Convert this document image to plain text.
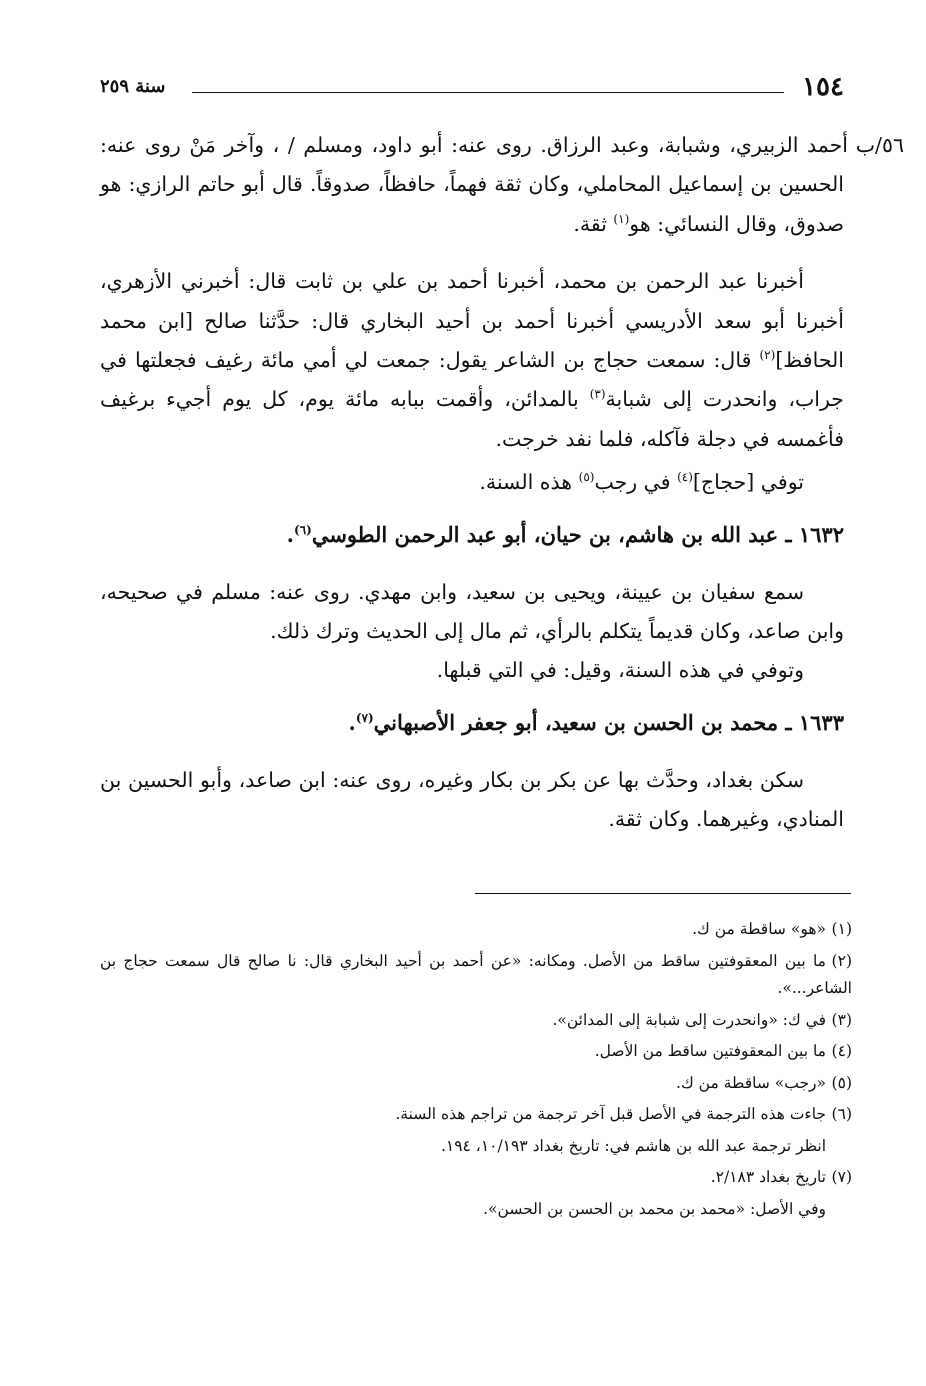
١٥٤
سنة ٢٥٩

٥٦/بأحمد الزبيري، وشبابة، وعبد الرزاق. روى عنه: أبو داود، ومسلم / ، وآخر مَنْ روى عنه: الحسين بن إسماعيل المحاملي، وكان ثقة فهماً، حافظاً، صدوقاً. قال أبو حاتم الرازي: هو صدوق، وقال النسائي: هو$^{(١)}$ ثقة.

أخبرنا عبد الرحمن بن محمد، أخبرنا أحمد بن علي بن ثابت قال: أخبرني الأزهري، أخبرنا أبو سعد الأدريسي أخبرنا أحمد بن أحيد البخاري قال: حدَّثنا صالح [ابن محمد الحافظ]$^{(٢)}$ قال: سمعت حجاج بن الشاعر يقول: جمعت لي أمي مائة رغيف فجعلتها في جراب، وانحدرت إلى شبابة$^{(٣)}$ بالمدائن، وأقمت ببابه مائة يوم، كل يوم أجيء برغيف فأغمسه في دجلة فآكله، فلما نفد خرجت.

توفي [حجاج]$^{(٤)}$ في رجب$^{(٥)}$ هذه السنة.

١٦٣٢ ـ عبد الله بن هاشم، بن حيان، أبو عبد الرحمن الطوسي$^{(٦)}$.

سمع سفيان بن عيينة، ويحيى بن سعيد، وابن مهدي. روى عنه: مسلم في صحيحه، وابن صاعد، وكان قديماً يتكلم بالرأي، ثم مال إلى الحديث وترك ذلك.

وتوفي في هذه السنة، وقيل: في التي قبلها.

١٦٣٣ ـ محمد بن الحسن بن سعيد، أبو جعفر الأصبهاني$^{(٧)}$.

سكن بغداد، وحدَّث بها عن بكر بن بكار وغيره، روى عنه: ابن صاعد، وأبو الحسين بن المنادي، وغيرهما. وكان ثقة.

(١)«هو» ساقطة من ك.

(٢)ما بين المعقوفتين ساقط من الأصل. ومكانه: «عن أحمد بن أحيد البخاري قال: نا صالح قال سمعت حجاج بن الشاعر...».

(٣)في ك: «وانحدرت إلى شبابة إلى المدائن».

(٤)ما بين المعقوفتين ساقط من الأصل.

(٥)«رجب» ساقطة من ك.

(٦)جاءت هذه الترجمة في الأصل قبل آخر ترجمة من تراجم هذه السنة.

انظر ترجمة عبد الله بن هاشم في: تاريخ بغداد ١٠/١٩٣، ١٩٤.

(٧)تاريخ بغداد ٢/١٨٣.

وفي الأصل: «محمد بن محمد بن الحسن بن الحسن».
